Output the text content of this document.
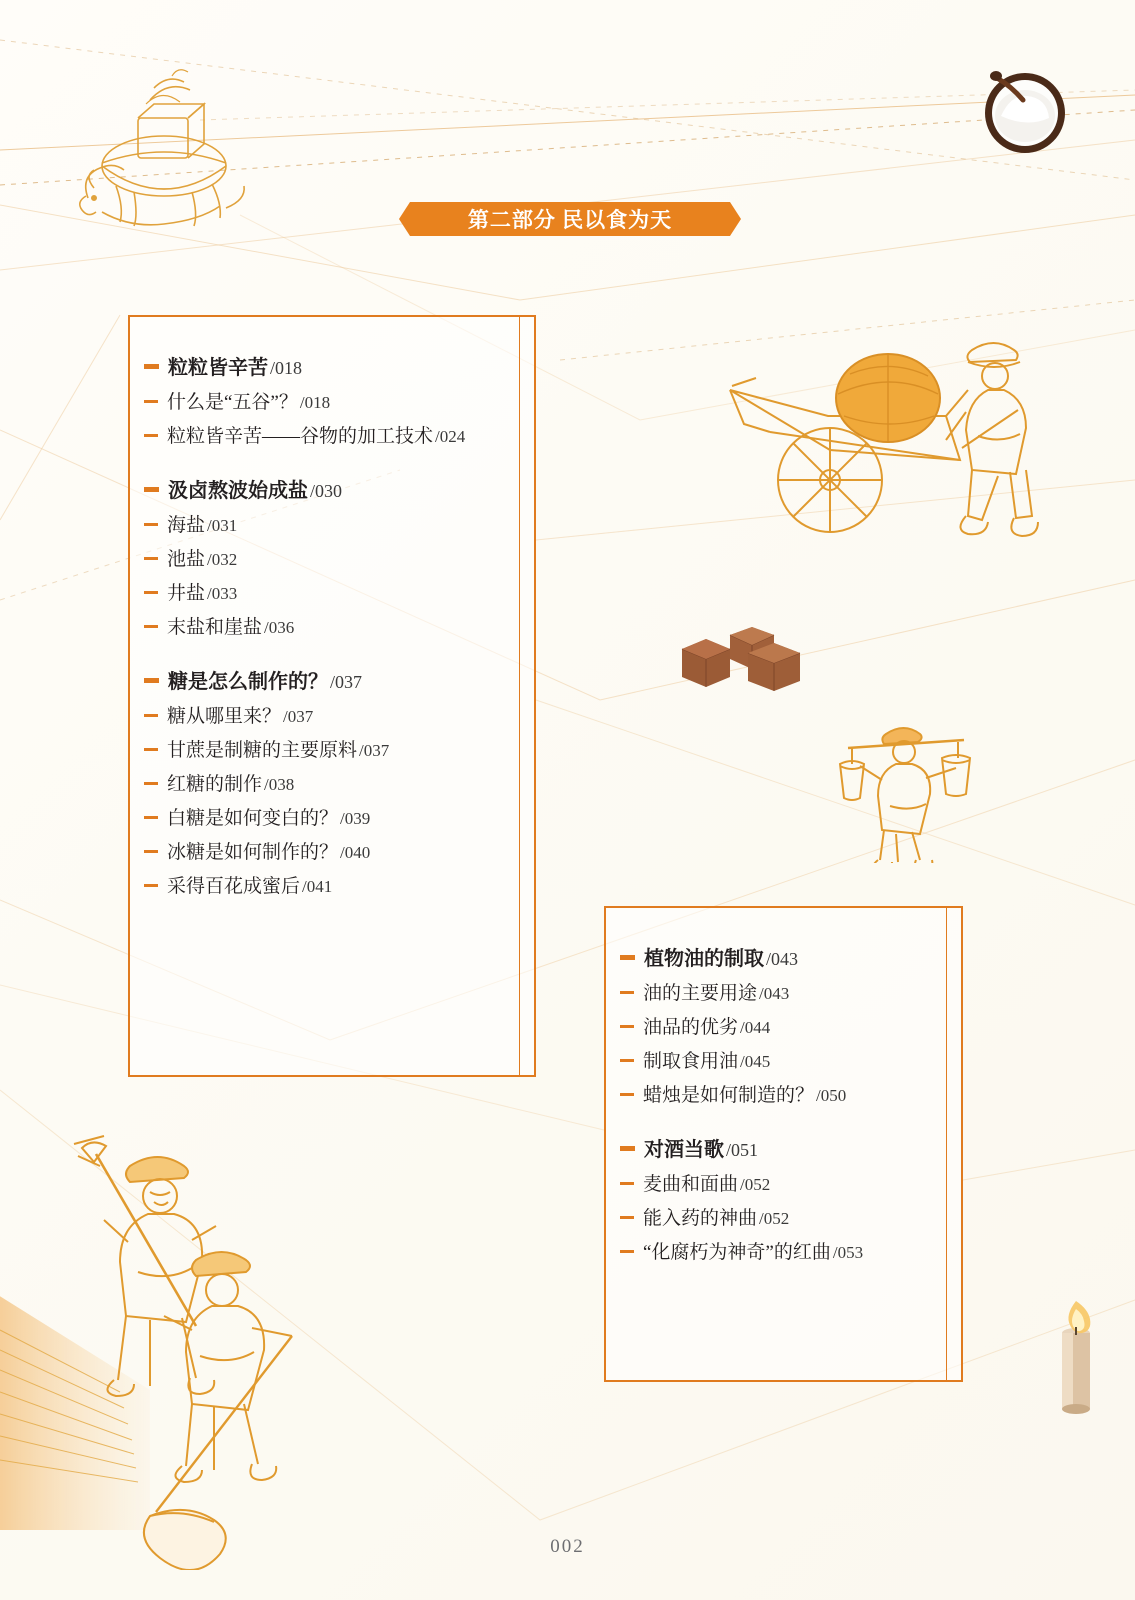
第二部分 民以食为天
粒粒皆辛苦 /018
什么是“五谷”？ /018
粒粒皆辛苦——谷物的加工技术 /024
汲卤熬波始成盐 /030
海盐 /031
池盐 /032
井盐 /033
末盐和崖盐 /036
糖是怎么制作的？ /037
糖从哪里来？ /037
甘蔗是制糖的主要原料 /037
红糖的制作 /038
白糖是如何变白的？ /039
冰糖是如何制作的？ /040
采得百花成蜜后 /041
植物油的制取 /043
油的主要用途 /043
油品的优劣 /044
制取食用油 /045
蜡烛是如何制造的？ /050
对酒当歌 /051
麦曲和面曲 /052
能入药的神曲 /052
“化腐朽为神奇”的红曲 /053
002
